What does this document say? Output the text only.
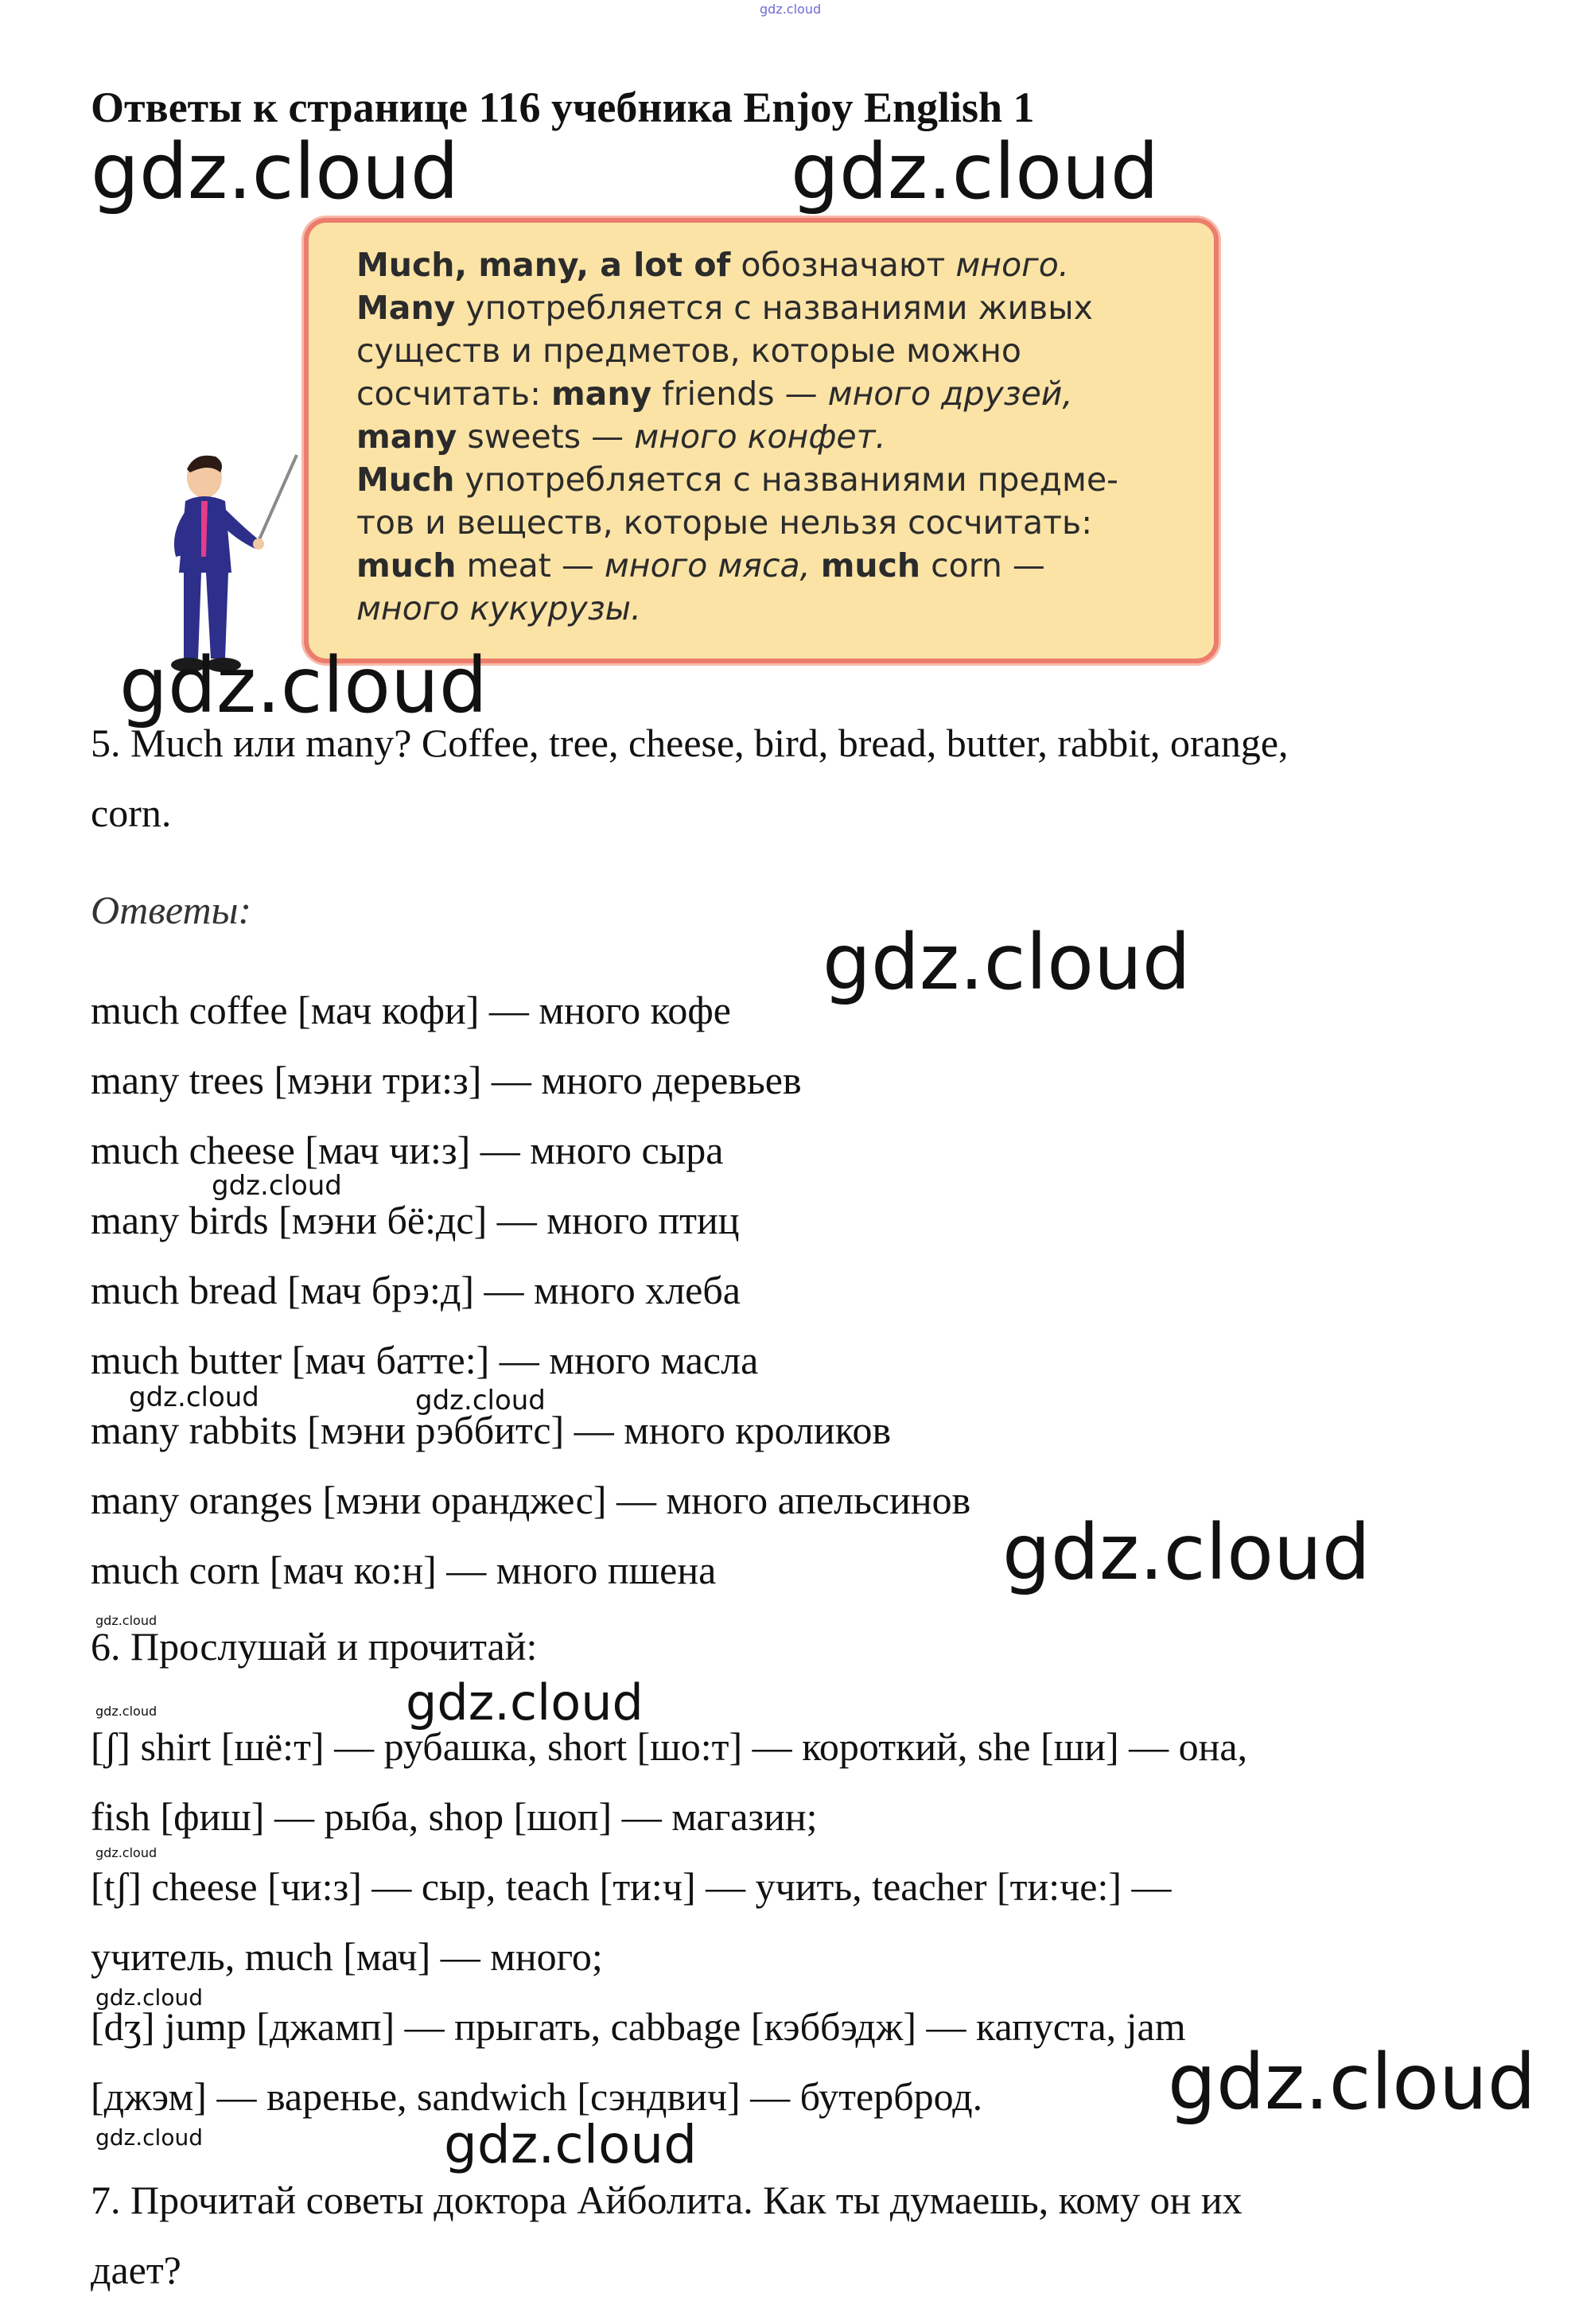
gdz.cloud
Ответы к странице 116 учебника Enjoy English 1
gdz.cloud	gdz.cloud
Much, many, a lot of обозначают много.
Many употребляется с названиями живых
существ и предметов, которые можно
сосчитать: many friends — много друзей,
many sweets — много конфет.
Much употребляется с названиями предме-
тов и веществ, которые нельзя сосчитать:
much meat — много мяса, much corn —
много кукурузы.
gdz.cloud
5. Much или many? Coffee, tree, cheese, bird, bread, butter, rabbit, orange,
corn.
Ответы:
gdz.cloud
much coffee [мач кофи] — много кофе
many trees [мэни три:з] — много деревьев
much cheese [мач чи:з] — много сыра
gdz.cloud
many birds [мэни бё:дс] — много птиц
much bread [мач брэ:д] — много хлеба
much butter [мач батте:] — много масла
gdz.cloud	gdz.cloud
many rabbits [мэни рэббитс] — много кроликов
many oranges [мэни оранджес] — много апельсинов
gdz.cloud
much corn [мач ко:н] — много пшена
gdz.cloud
6. Прослушай и прочитай:
gdz.cloud
gdz.cloud
[ʃ] shirt [шё:т] — рубашка, short [шо:т] — короткий, she [ши] — она,
fish [фиш] — рыба, shop [шоп] — магазин;
gdz.cloud
[tʃ] cheese [чи:з] — сыр, teach [ти:ч] — учить, teacher [ти:че:] —
учитель, much [мач] — много;
gdz.cloud
[dʒ] jump [джамп] — прыгать, cabbage [кэббэдж] — капуста, jam
gdz.cloud
[джэм] — варенье, sandwich [сэндвич] — бутерброд.
gdz.cloud	gdz.cloud
7. Прочитай советы доктора Айболита. Как ты думаешь, кому он их
дает?
